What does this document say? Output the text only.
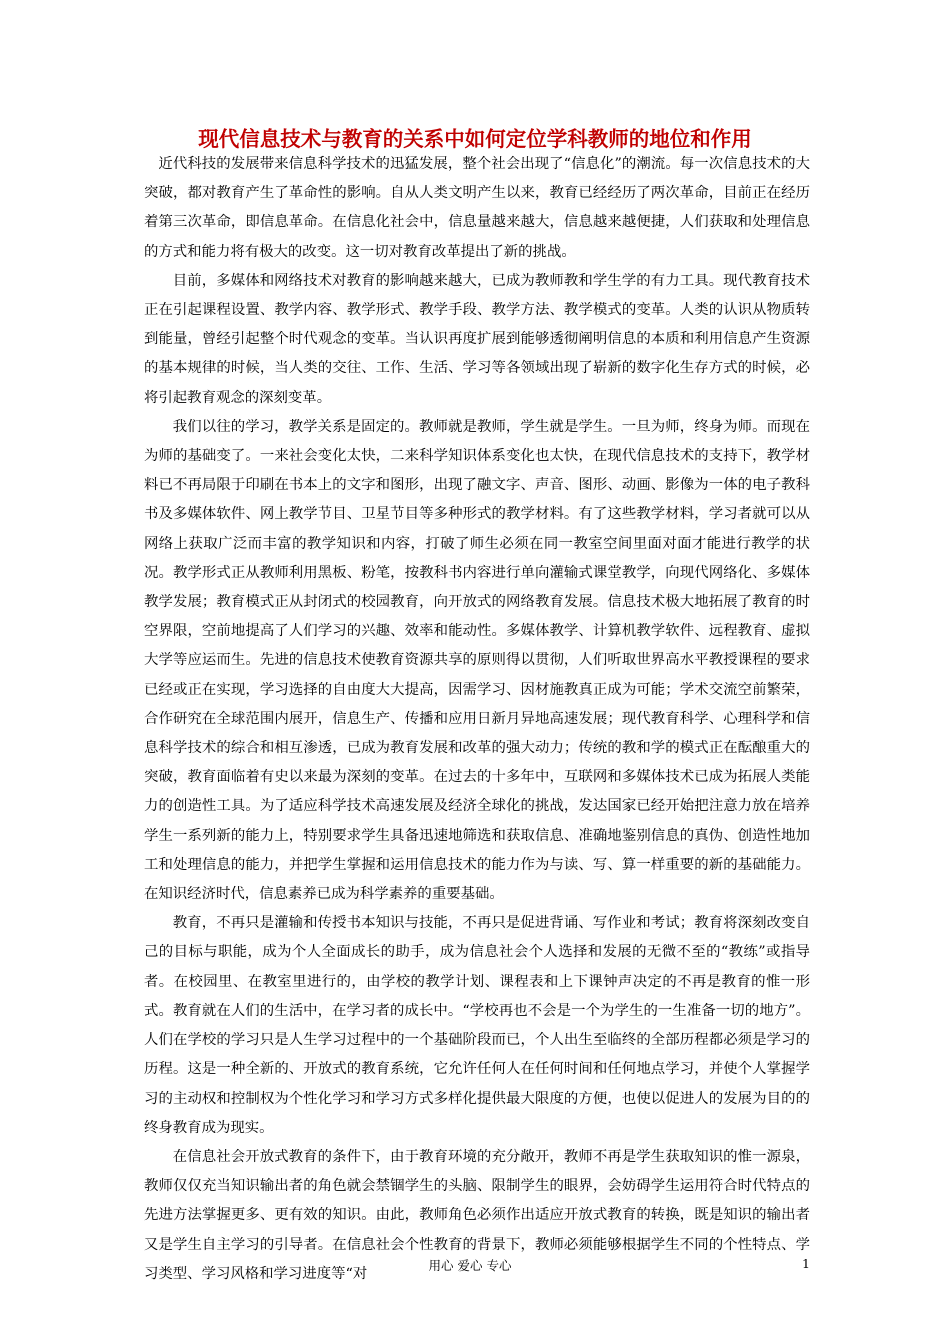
现代信息技术与教育的关系中如何定位学科教师的地位和作用

近代科技的发展带来信息科学技术的迅猛发展，整个社会出现了“信息化”的潮流。每一次信息技术的大突破，都对教育产生了革命性的影响。自从人类文明产生以来，教育已经经历了两次革命，目前正在经历着第三次革命，即信息革命。在信息化社会中，信息量越来越大，信息越来越便捷，人们获取和处理信息的方式和能力将有极大的改变。这一切对教育改革提出了新的挑战。

目前，多媒体和网络技术对教育的影响越来越大，已成为教师教和学生学的有力工具。现代教育技术正在引起课程设置、教学内容、教学形式、教学手段、教学方法、教学模式的变革。人类的认识从物质转到能量，曾经引起整个时代观念的变革。当认识再度扩展到能够透彻阐明信息的本质和利用信息产生资源的基本规律的时候，当人类的交往、工作、生活、学习等各领域出现了崭新的数字化生存方式的时候，必将引起教育观念的深刻变革。

我们以往的学习，教学关系是固定的。教师就是教师，学生就是学生。一旦为师，终身为师。而现在为师的基础变了。一来社会变化太快，二来科学知识体系变化也太快，在现代信息技术的支持下，教学材料已不再局限于印刷在书本上的文字和图形，出现了融文字、声音、图形、动画、影像为一体的电子教科书及多媒体软件、网上教学节目、卫星节目等多种形式的教学材料。有了这些教学材料，学习者就可以从网络上获取广泛而丰富的教学知识和内容，打破了师生必须在同一教室空间里面对面才能进行教学的状况。教学形式正从教师利用黑板、粉笔，按教科书内容进行单向灌输式课堂教学，向现代网络化、多媒体教学发展；教育模式正从封闭式的校园教育，向开放式的网络教育发展。信息技术极大地拓展了教育的时空界限，空前地提高了人们学习的兴趣、效率和能动性。多媒体教学、计算机教学软件、远程教育、虚拟大学等应运而生。先进的信息技术使教育资源共享的原则得以贯彻，人们听取世界高水平教授课程的要求已经或正在实现，学习选择的自由度大大提高，因需学习、因材施教真正成为可能；学术交流空前繁荣，合作研究在全球范围内展开，信息生产、传播和应用日新月异地高速发展；现代教育科学、心理科学和信息科学技术的综合和相互渗透，已成为教育发展和改革的强大动力；传统的教和学的模式正在酝酿重大的突破，教育面临着有史以来最为深刻的变革。在过去的十多年中，互联网和多媒体技术已成为拓展人类能力的创造性工具。为了适应科学技术高速发展及经济全球化的挑战，发达国家已经开始把注意力放在培养学生一系列新的能力上，特别要求学生具备迅速地筛选和获取信息、准确地鉴别信息的真伪、创造性地加工和处理信息的能力，并把学生掌握和运用信息技术的能力作为与读、写、算一样重要的新的基础能力。在知识经济时代，信息素养已成为科学素养的重要基础。

教育，不再只是灌输和传授书本知识与技能，不再只是促进背诵、写作业和考试；教育将深刻改变自己的目标与职能，成为个人全面成长的助手，成为信息社会个人选择和发展的无微不至的“教练”或指导者。在校园里、在教室里进行的，由学校的教学计划、课程表和上下课钟声决定的不再是教育的惟一形式。教育就在人们的生活中，在学习者的成长中。“学校再也不会是一个为学生的一生准备一切的地方”。人们在学校的学习只是人生学习过程中的一个基础阶段而已，个人出生至临终的全部历程都必须是学习的历程。这是一种全新的、开放式的教育系统，它允许任何人在任何时间和任何地点学习，并使个人掌握学习的主动权和控制权为个性化学习和学习方式多样化提供最大限度的方便，也使以促进人的发展为目的的终身教育成为现实。

在信息社会开放式教育的条件下，由于教育环境的充分敞开，教师不再是学生获取知识的惟一源泉，教师仅仅充当知识输出者的角色就会禁锢学生的头脑、限制学生的眼界，会妨碍学生运用符合时代特点的先进方法掌握更多、更有效的知识。由此，教师角色必须作出适应开放式教育的转换，既是知识的输出者又是学生自主学习的引导者。在信息社会个性教育的背景下，教师必须能够根据学生不同的个性特点、学习类型、学习风格和学习进度等“对

用心 爱心 专心	1
